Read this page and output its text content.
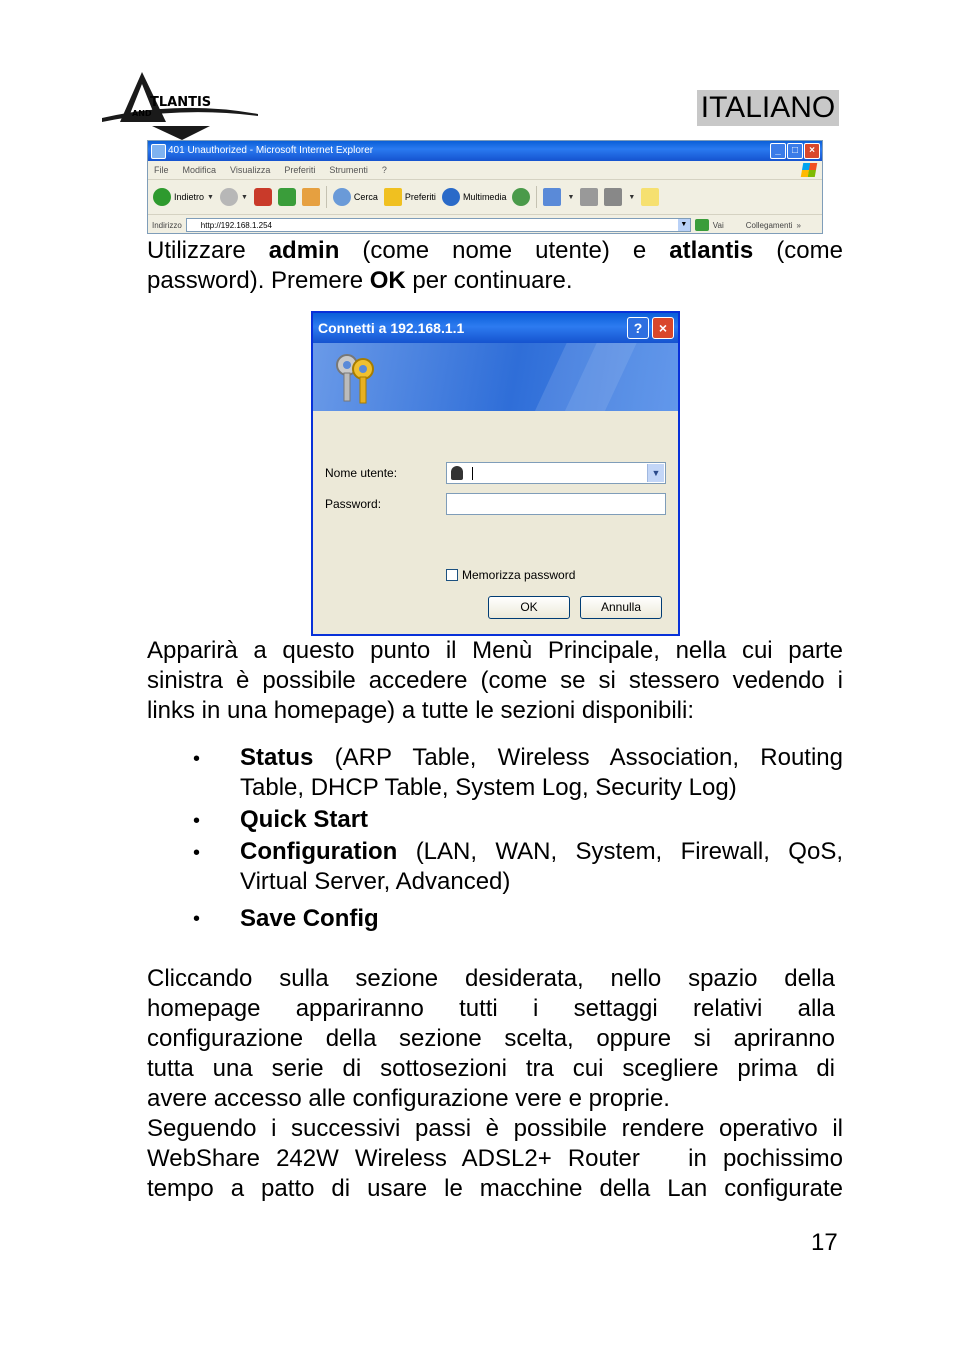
TLANTIS
AND	ITALIANO
401 Unauthorized - Microsoft Internet Explorer	_	□	×
File Modifica Visualizza Preferiti Strumenti ?
Indietro ▼	▼	Cerca	Preferiti	Multimedia	▼	▼
Indirizzo	http://192.168.1.254	▼	Vai	Collegamenti »
Utilizzare admin (come nome utente) e atlantis (come
password). Premere OK per continuare.
Connetti a 192.168.1.1	?	×
Nome utente:	▼
Password:
Memorizza password
OK	Annulla
Apparirà a questo punto il Menù Principale, nella cui parte
sinistra è possibile accedere (come se si stessero vedendo i
links in una homepage) a tutte le sezioni disponibili:
• Status (ARP Table, Wireless Association, Routing
Table, DHCP Table, System Log, Security Log)
• Quick Start
• Configuration (LAN, WAN, System, Firewall, QoS,
Virtual Server, Advanced)
• Save Config
Cliccando sulla sezione desiderata, nello spazio della
homepage appariranno tutti i settaggi relativi alla
configurazione della sezione scelta, oppure si apriranno
tutta una serie di sottosezioni tra cui scegliere prima di
avere accesso alle configurazione vere e proprie.
Seguendo i successivi passi è possibile rendere operativo il
WebShare 242W Wireless ADSL2+ Router   in pochissimo
tempo a patto di usare le macchine della Lan configurate
17
